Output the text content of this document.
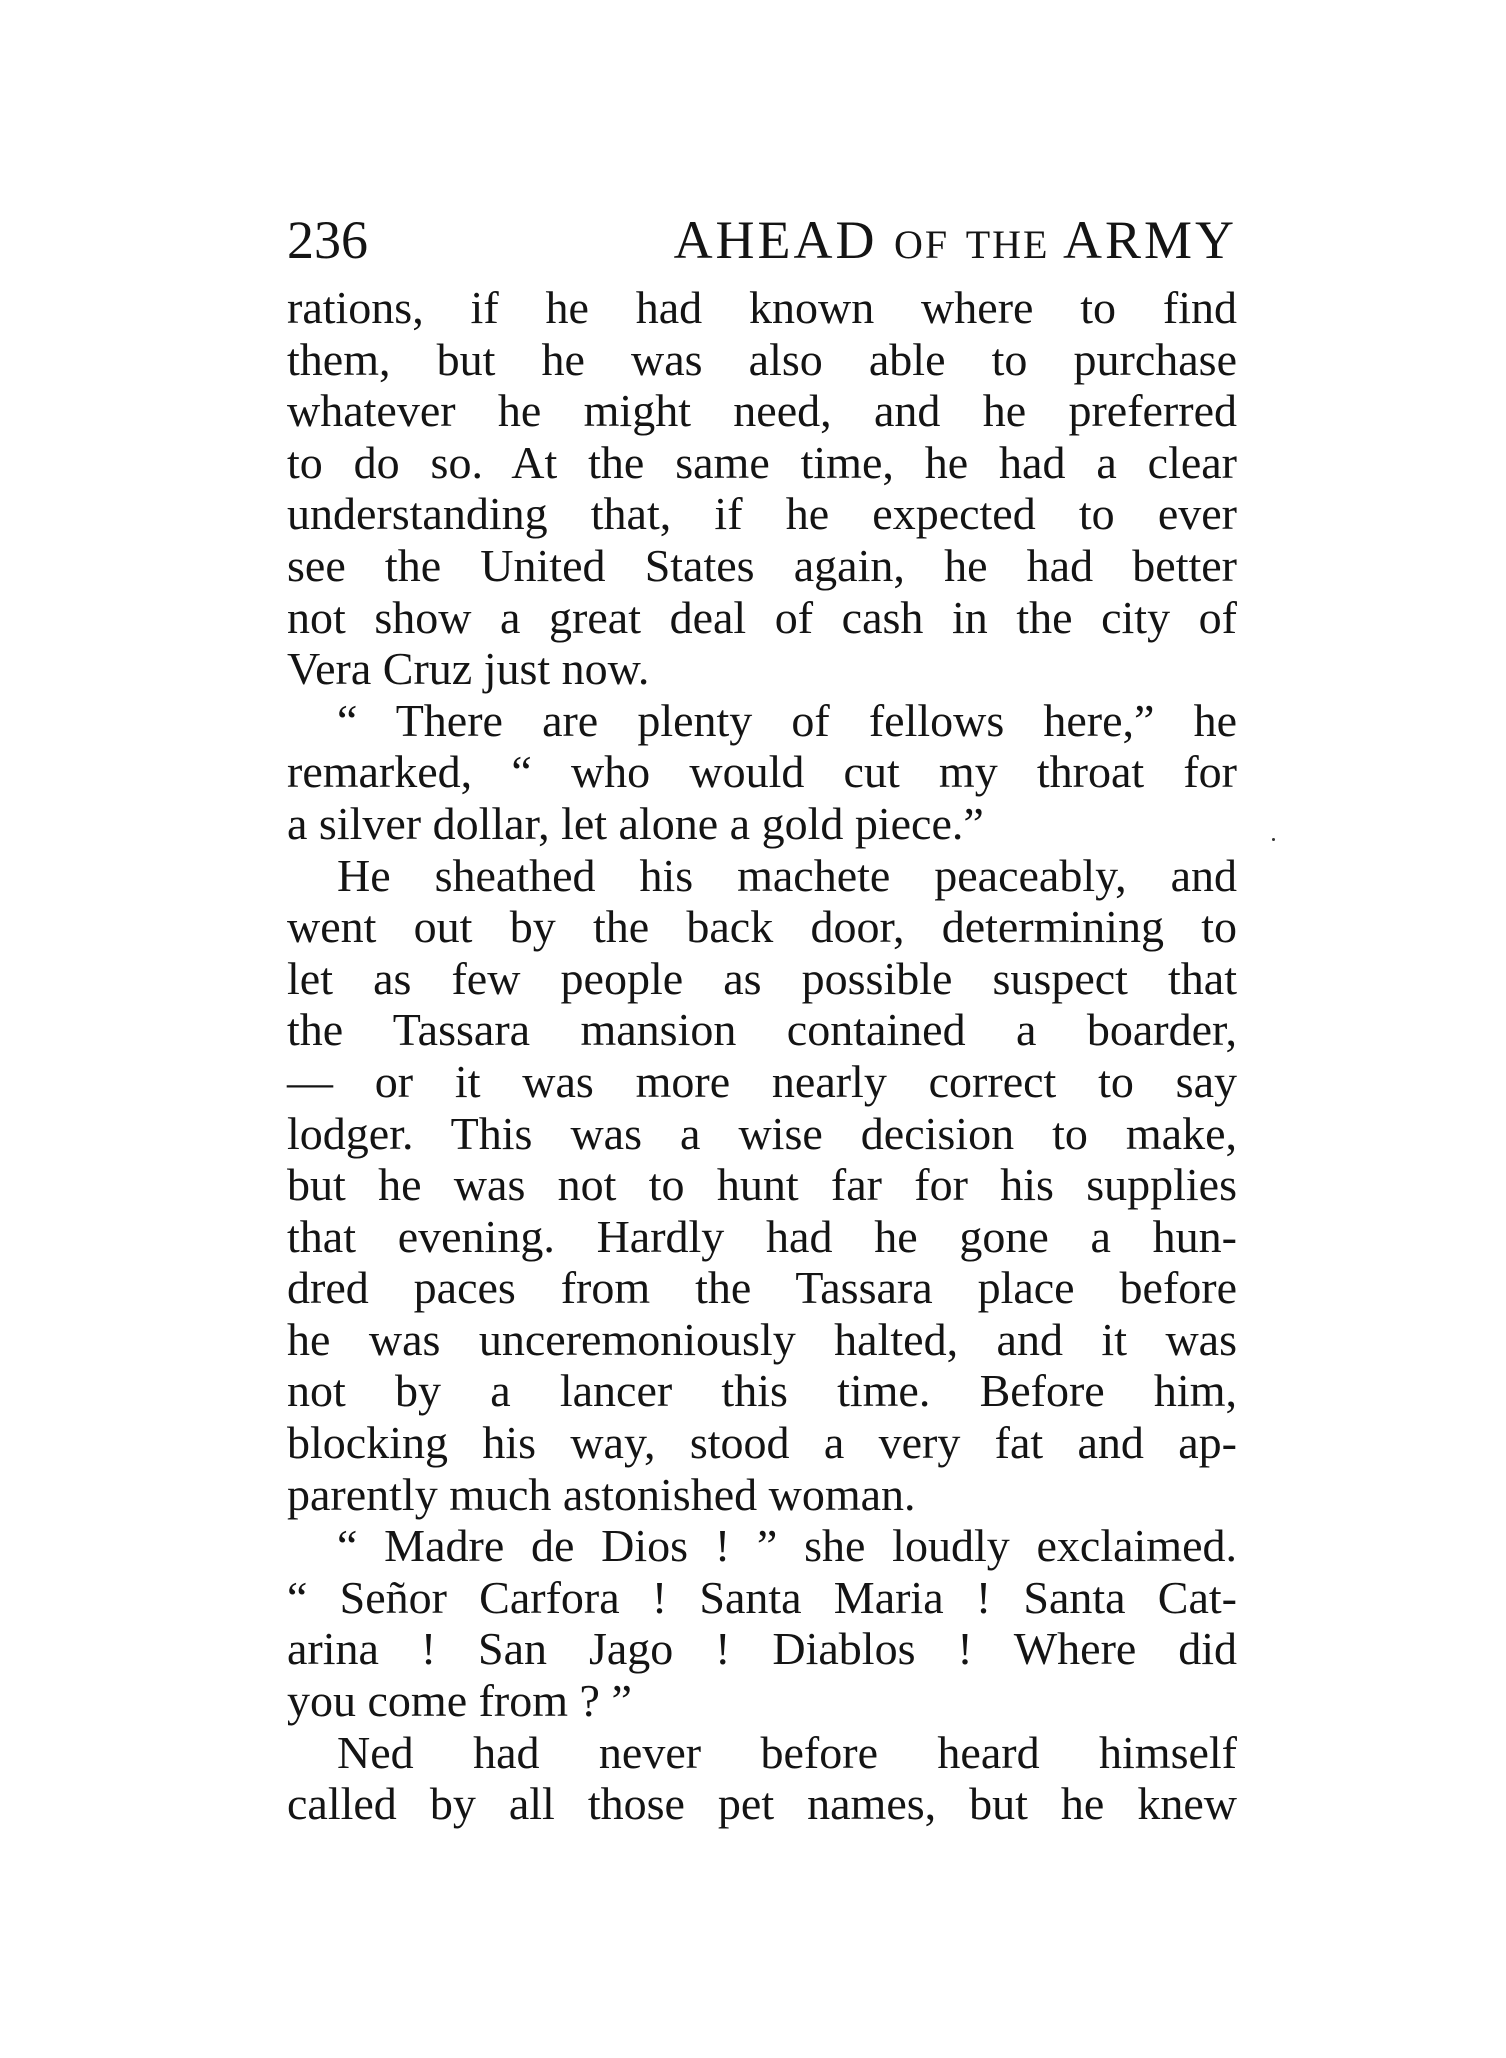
236	AHEAD OF THE ARMY
rations, if he had known where to find
them, but he was also able to purchase
whatever he might need, and he preferred
to do so. At the same time, he had a clear
understanding that, if he expected to ever
see the United States again, he had better
not show a great deal of cash in the city of
Vera Cruz just now.
“ There are plenty of fellows here,” he
remarked, “ who would cut my throat for
a silver dollar, let alone a gold piece.”
He sheathed his machete peaceably, and
went out by the back door, determining to
let as few people as possible suspect that
the Tassara mansion contained a boarder,
— or it was more nearly correct to say
lodger. This was a wise decision to make,
but he was not to hunt far for his supplies
that evening. Hardly had he gone a hun-
dred paces from the Tassara place before
he was unceremoniously halted, and it was
not by a lancer this time. Before him,
blocking his way, stood a very fat and ap-
parently much astonished woman.
“ Madre de Dios ! ” she loudly exclaimed.
“ Señor Carfora ! Santa Maria ! Santa Cat-
arina ! San Jago ! Diablos ! Where did
you come from ? ”
Ned had never before heard himself
called by all those pet names, but he knew
